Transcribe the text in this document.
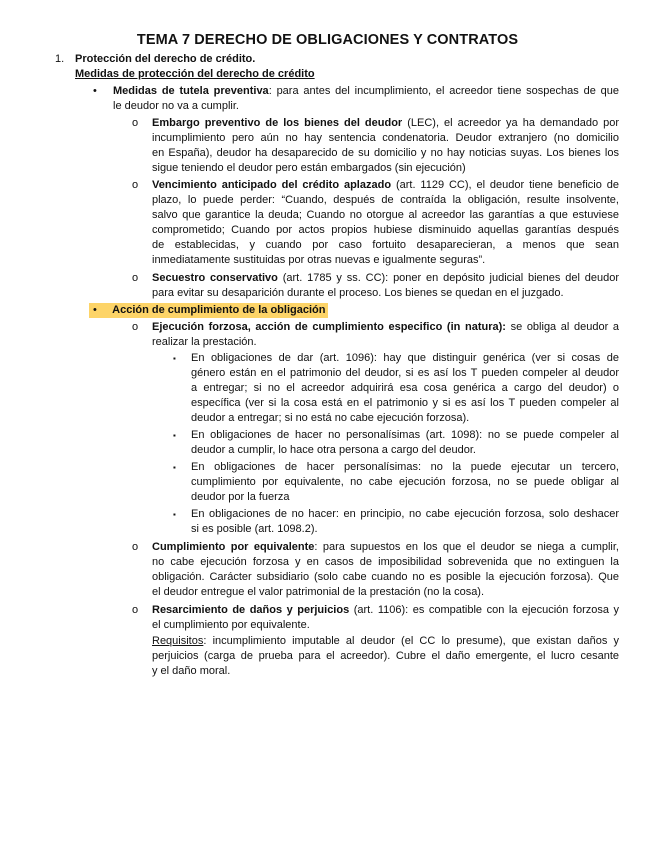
TEMA 7 DERECHO DE OBLIGACIONES Y CONTRATOS
1. Protección del derecho de crédito.
Medidas de protección del derecho de crédito
• Medidas de tutela preventiva: para antes del incumplimiento, el acreedor tiene sospechas de que
le deudor no va a cumplir.
o Embargo preventivo de los bienes del deudor (LEC), el acreedor ya ha demandado por
incumplimiento pero aún no hay sentencia condenatoria. Deudor extranjero (no domicilio
en España), deudor ha desaparecido de su domicilio y no hay noticias suyas. Los bienes los
sigue teniendo el deudor pero están embargados (sin ejecución)
o Vencimiento anticipado del crédito aplazado (art. 1129 CC), el deudor tiene beneficio de
plazo, lo puede perder: “Cuando, después de contraída la obligación, resulte insolvente,
salvo que garantice la deuda; Cuando no otorgue al acreedor las garantías a que estuviese
comprometido; Cuando por actos propios hubiese disminuido aquellas garantías después
de establecidas, y cuando por caso fortuito desaparecieran, a menos que sean
inmediatamente sustituidas por otras nuevas e igualmente seguras”.
o Secuestro conservativo (art. 1785 y ss. CC): poner en depósito judicial bienes del deudor
para evitar su desaparición durante el proceso. Los bienes se quedan en el juzgado.
• Acción de cumplimiento de la obligación
o Ejecución forzosa, acción de cumplimiento especifico (in natura): se obliga al deudor a
realizar la prestación.
▪ En obligaciones de dar (art. 1096): hay que distinguir genérica (ver si cosas de
género están en el patrimonio del deudor, si es así los T pueden compeler al deudor
a entregar; si no el acreedor adquirirá esa cosa genérica a cargo del deudor) o
específica (ver si la cosa está en el patrimonio y si es así los T pueden compeler al
deudor a entregar; si no está no cabe ejecución forzosa).
▪ En obligaciones de hacer no personalísimas (art. 1098): no se puede compeler al
deudor a cumplir, lo hace otra persona a cargo del deudor.
▪ En obligaciones de hacer personalísimas: no la puede ejecutar un tercero,
cumplimiento por equivalente, no cabe ejecución forzosa, no se puede obligar al
deudor por la fuerza
▪ En obligaciones de no hacer: en principio, no cabe ejecución forzosa, solo deshacer
si es posible (art. 1098.2).
o Cumplimiento por equivalente: para supuestos en los que el deudor se niega a cumplir,
no cabe ejecución forzosa y en casos de imposibilidad sobrevenida que no extinguen la
obligación. Carácter subsidiario (solo cabe cuando no es posible la ejecución forzosa). Que
el deudor entregue el valor patrimonial de la prestación (no la cosa).
o Resarcimiento de daños y perjuicios (art. 1106): es compatible con la ejecución forzosa y
el cumplimiento por equivalente.
Requisitos: incumplimiento imputable al deudor (el CC lo presume), que existan daños y
perjuicios (carga de prueba para el acreedor). Cubre el daño emergente, el lucro cesante
y el daño moral.
